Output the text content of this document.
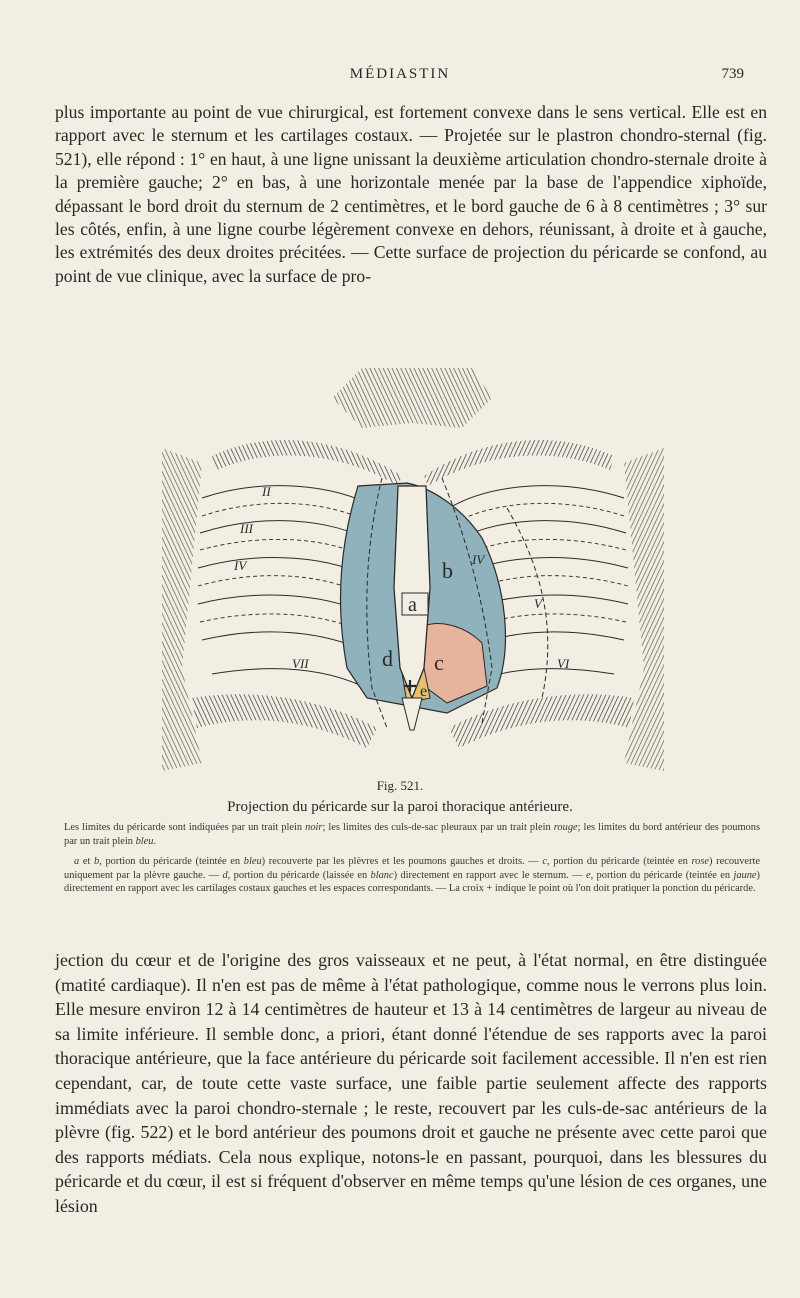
MÉDIASTIN	739

plus importante au point de vue chirurgical, est fortement convexe dans le sens vertical. Elle est en rapport avec le sternum et les cartilages costaux. — Projetée sur le plastron chondro-sternal (fig. 521), elle répond : 1° en haut, à une ligne unissant la deuxième articulation chondro-sternale droite à la première gauche; 2° en bas, à une horizontale menée par la base de l'appendice xiphoïde, dépassant le bord droit du sternum de 2 centimètres, et le bord gauche de 6 à 8 centimètres ; 3° sur les côtés, enfin, à une ligne courbe légèrement convexe en dehors, réunissant, à droite et à gauche, les extrémités des deux droites précitées. — Cette surface de projection du péricarde se confond, au point de vue clinique, avec la surface de pro-

a
b
c
d
e
II
III
IV	IV
V
VI
VII
Fig. 521.
Projection du péricarde sur la paroi thoracique antérieure.

Les limites du péricarde sont indiquées par un trait plein noir; les limites des culs-de-sac pleuraux par un trait plein rouge; les limites du bord antérieur des poumons par un trait plein bleu.

a et b, portion du péricarde (teintée en bleu) recouverte par les plèvres et les poumons gauches et droits. — c, portion du péricarde (teintée en rose) recouverte uniquement par la plèvre gauche. — d, portion du péricarde (laissée en blanc) directement en rapport avec le sternum. — e, portion du péricarde (teintée en jaune) directement en rapport avec les cartilages costaux gauches et les espaces correspondants. — La croix + indique le point où l'on doit pratiquer la ponction du péricarde.

jection du cœur et de l'origine des gros vaisseaux et ne peut, à l'état normal, en être distinguée (matité cardiaque). Il n'en est pas de même à l'état pathologique, comme nous le verrons plus loin. Elle mesure environ 12 à 14 centimètres de hauteur et 13 à 14 centimètres de largeur au niveau de sa limite inférieure. Il semble donc, a priori, étant donné l'étendue de ses rapports avec la paroi thoracique antérieure, que la face antérieure du péricarde soit facilement accessible. Il n'en est rien cependant, car, de toute cette vaste surface, une faible partie seulement affecte des rapports immédiats avec la paroi chondro-sternale ; le reste, recouvert par les culs-de-sac antérieurs de la plèvre (fig. 522) et le bord antérieur des poumons droit et gauche ne présente avec cette paroi que des rapports médiats. Cela nous explique, notons-le en passant, pourquoi, dans les blessures du péricarde et du cœur, il est si fréquent d'observer en même temps qu'une lésion de ces organes, une lésion
